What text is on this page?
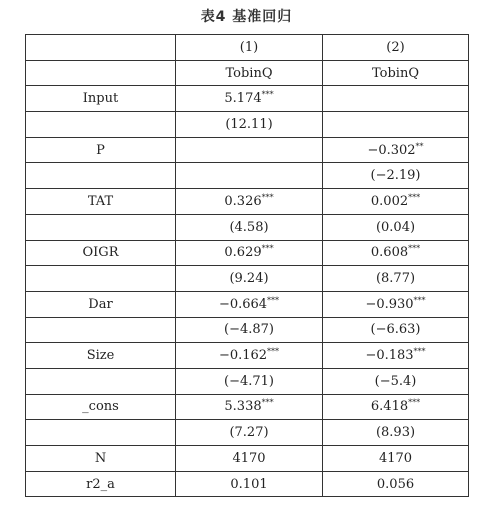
表4 基准回归
	(1)	(2)
	TobinQ	TobinQ
Input	5.174***	
	(12.11)	
P		−0.302**
		(−2.19)
TAT	0.326***	0.002***
	(4.58)	(0.04)
OIGR	0.629***	0.608***
	(9.24)	(8.77)
Dar	−0.664***	−0.930***
	(−4.87)	(−6.63)
Size	−0.162***	−0.183***
	(−4.71)	(−5.4)
_cons	5.338***	6.418***
	(7.27)	(8.93)
N	4170	4170
r2_a	0.101	0.056
